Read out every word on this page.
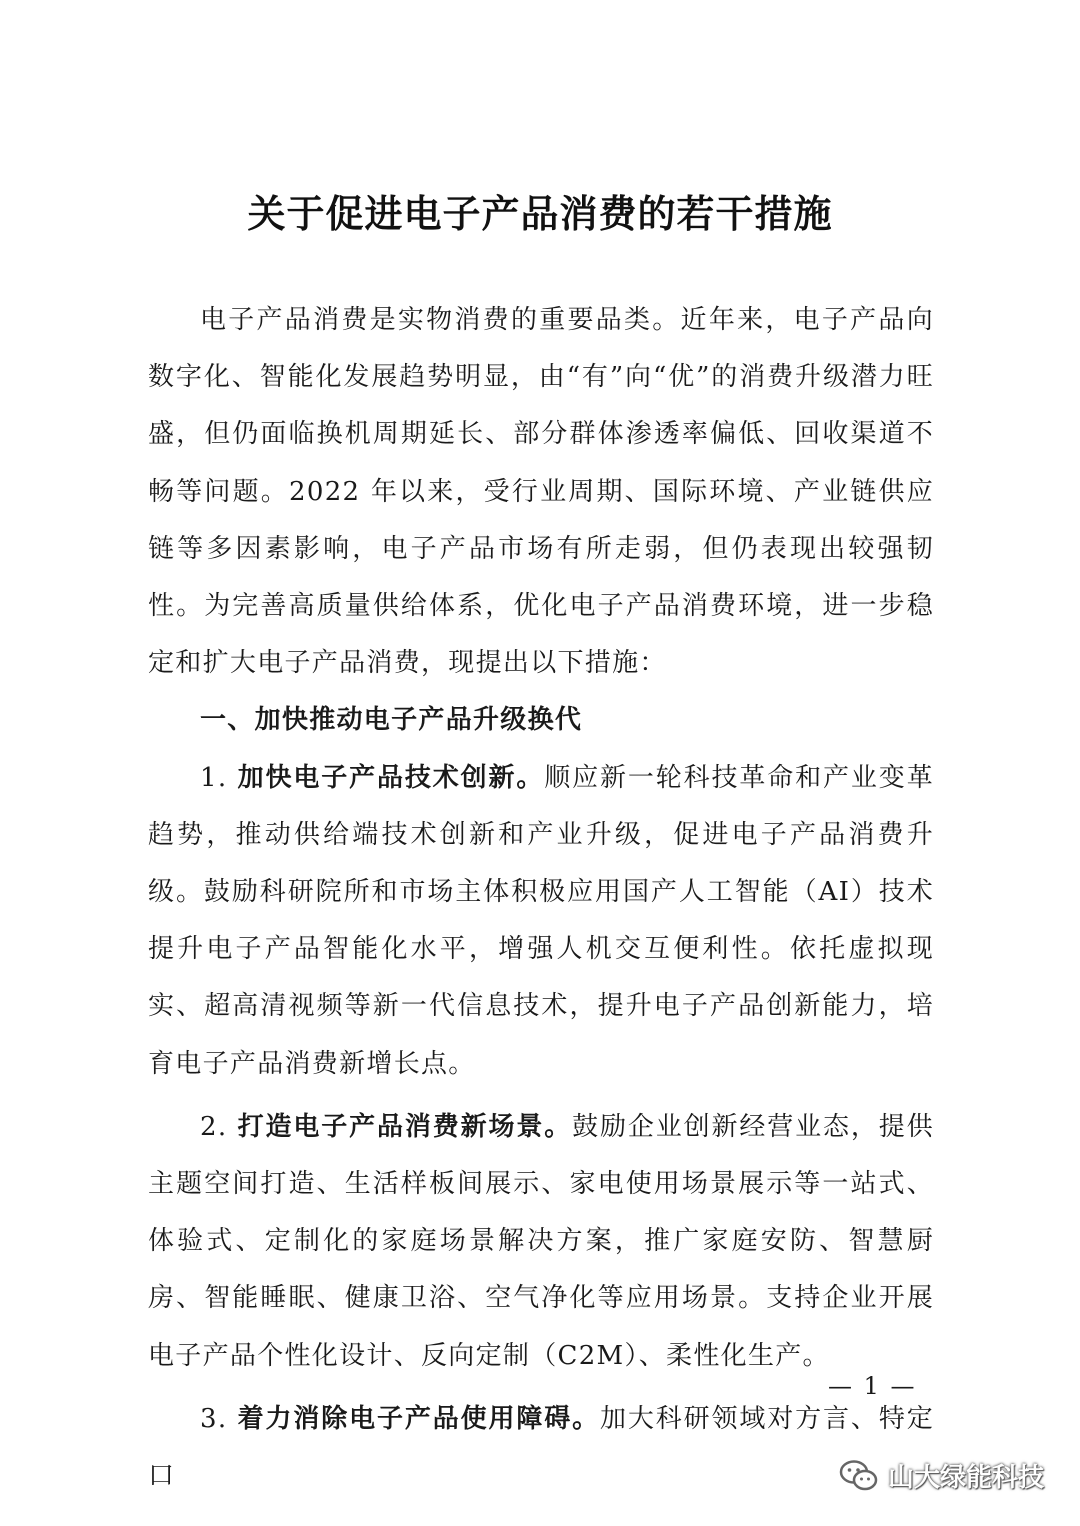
关于促进电子产品消费的若干措施

电子产品消费是实物消费的重要品类。近年来，电子产品向数字化、智能化发展趋势明显，由“有”向“优”的消费升级潜力旺盛，但仍面临换机周期延长、部分群体渗透率偏低、回收渠道不畅等问题。2022 年以来，受行业周期、国际环境、产业链供应链等多因素影响，电子产品市场有所走弱，但仍表现出较强韧性。为完善高质量供给体系，优化电子产品消费环境，进一步稳定和扩大电子产品消费，现提出以下措施：

一、加快推动电子产品升级换代

1. 加快电子产品技术创新。顺应新一轮科技革命和产业变革趋势，推动供给端技术创新和产业升级，促进电子产品消费升级。鼓励科研院所和市场主体积极应用国产人工智能（AI）技术提升电子产品智能化水平，增强人机交互便利性。依托虚拟现实、超高清视频等新一代信息技术，提升电子产品创新能力，培育电子产品消费新增长点。

2. 打造电子产品消费新场景。鼓励企业创新经营业态，提供主题空间打造、生活样板间展示、家电使用场景展示等一站式、体验式、定制化的家庭场景解决方案，推广家庭安防、智慧厨房、智能睡眠、健康卫浴、空气净化等应用场景。支持企业开展电子产品个性化设计、反向定制（C2M）、柔性化生产。

3. 着力消除电子产品使用障碍。加大科研领域对方言、特定口

— 1 —
山大绿能科技
